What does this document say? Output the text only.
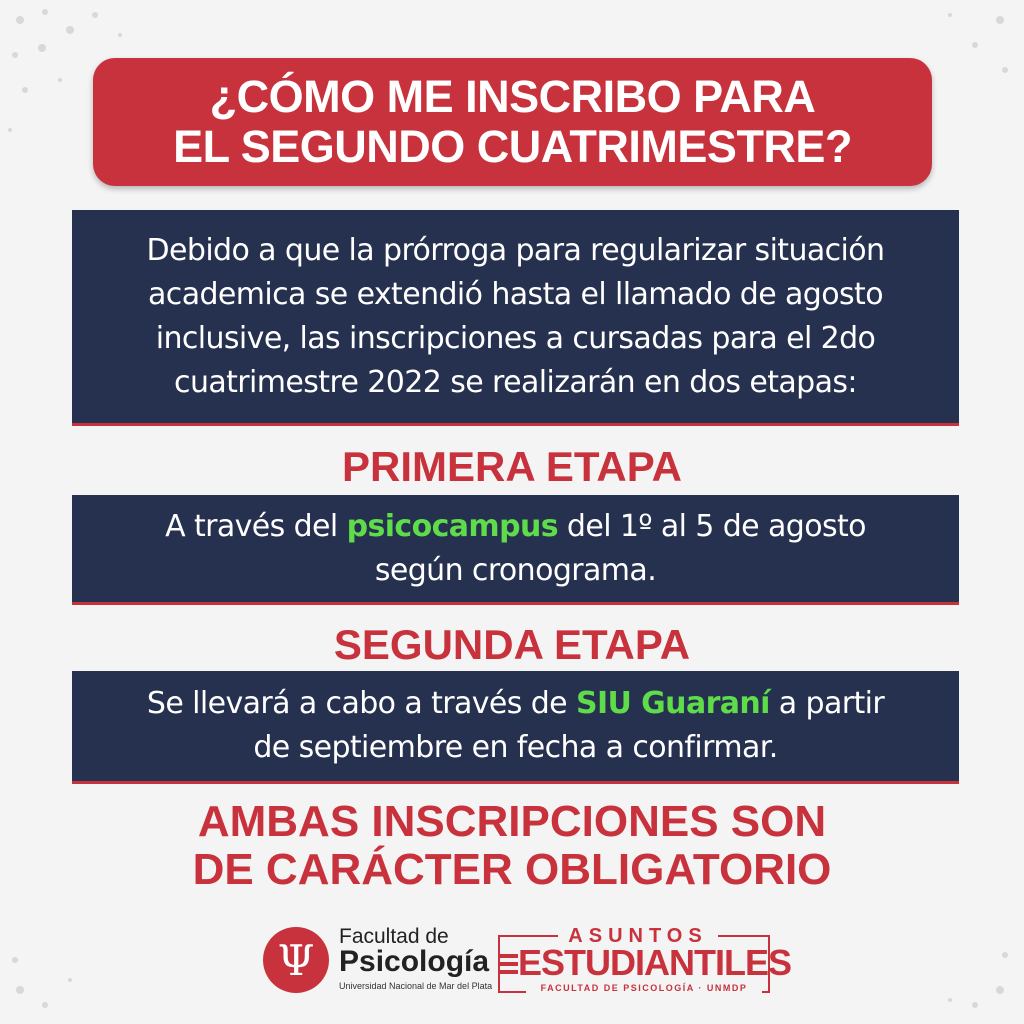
¿CÓMO ME INSCRIBO PARA
EL SEGUNDO CUATRIMESTRE?
Debido a que la prórroga para regularizar situación
academica se extendió hasta el llamado de agosto
inclusive, las inscripciones a cursadas para el 2do
cuatrimestre 2022 se realizarán en dos etapas:
PRIMERA ETAPA
A través del psicocampus del 1º al 5 de agosto
según cronograma.
SEGUNDA ETAPA
Se llevará a cabo a través de SIU Guaraní a partir
de septiembre en fecha a confirmar.
AMBAS INSCRIPCIONES SON
DE CARÁCTER OBLIGATORIO
Ψ	Facultad de
Psicología
Universidad Nacional de Mar del Plata
ASUNTOS
ESTUDIANTILES
FACULTAD DE PSICOLOGÍA · UNMDP
